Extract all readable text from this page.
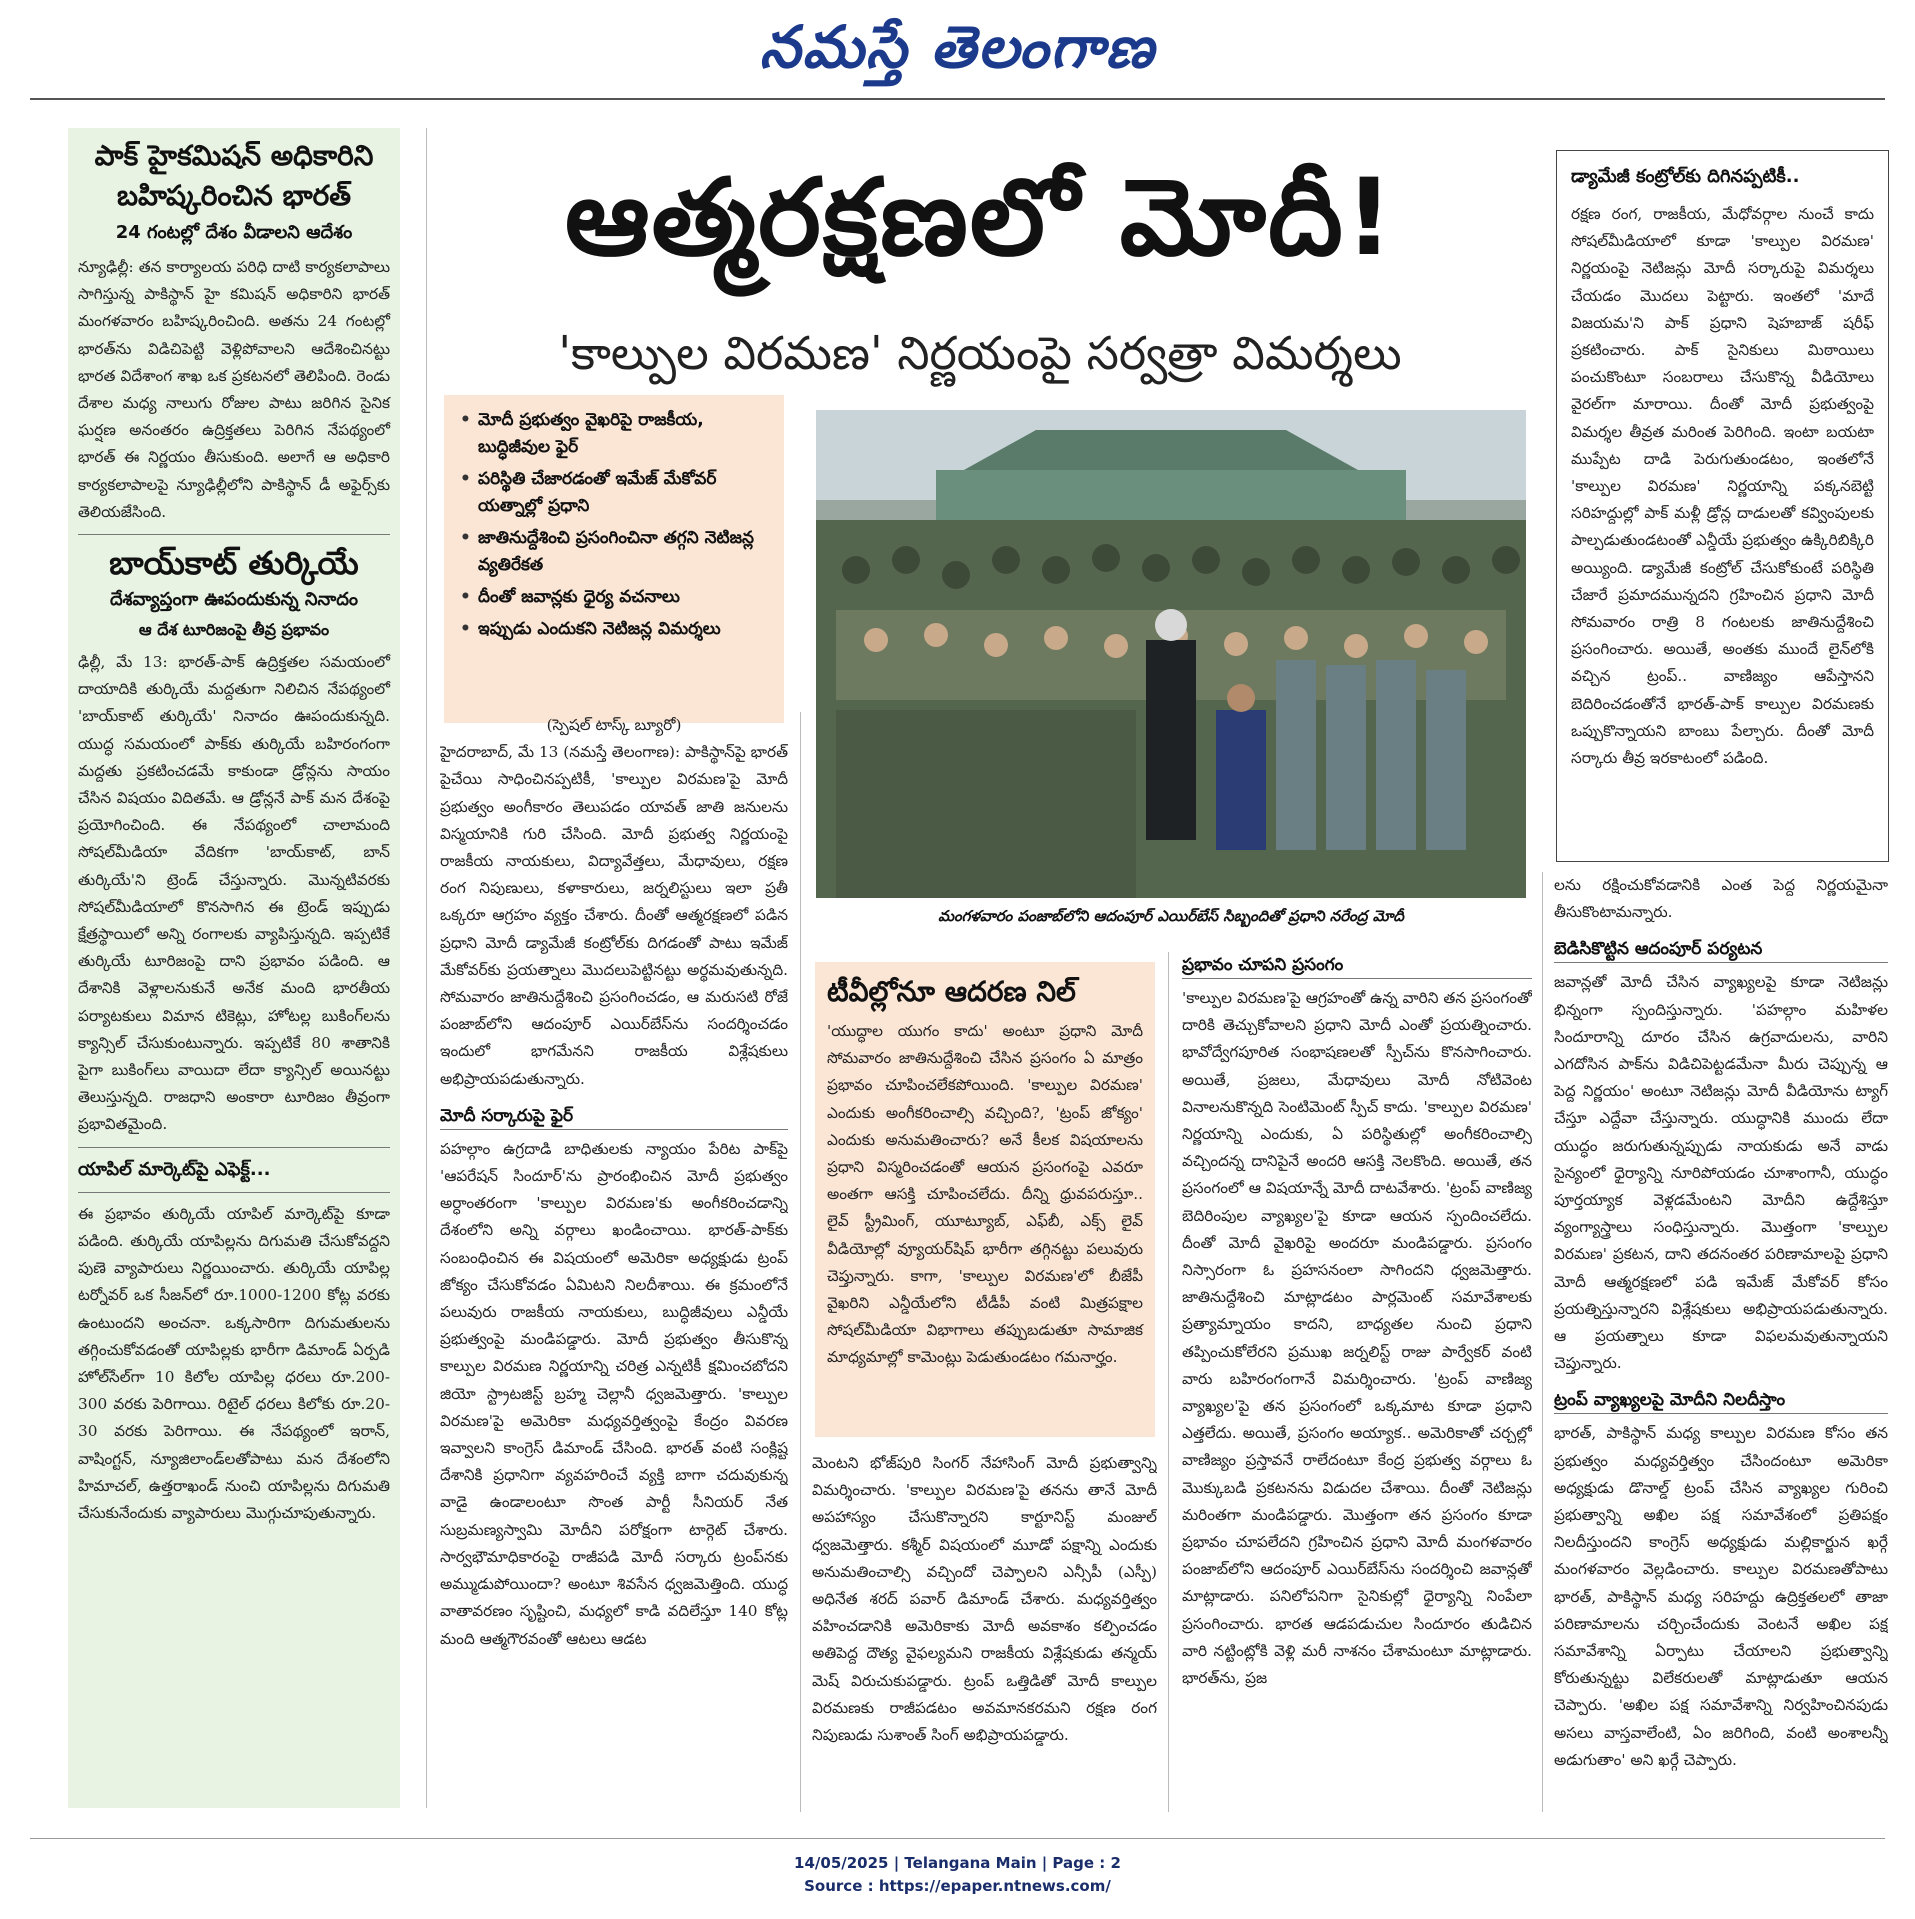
నమస్తే తెలంగాణ
పాక్ హైకమిషన్ అధికారిని
బహిష్కరించిన భారత్
24 గంటల్లో దేశం వీడాలని ఆదేశం
న్యూఢిల్లీ: తన కార్యాలయ పరిధి దాటి కార్యకలాపాలు సాగిస్తున్న పాకిస్థాన్ హై కమిషన్ అధికారిని భారత్ మంగళవారం బహిష్కరించింది. అతను 24 గంటల్లో భారత్‌ను విడిచిపెట్టి వెళ్లిపోవాలని ఆదేశించినట్టు భారత విదేశాంగ శాఖ ఒక ప్రకటనలో తెలిపింది. రెండు దేశాల మధ్య నాలుగు రోజుల పాటు జరిగిన సైనిక ఘర్షణ అనంతరం ఉద్రిక్తతలు పెరిగిన నేపథ్యంలో భారత్ ఈ నిర్ణయం తీసుకుంది. అలాగే ఆ అధికారి కార్యకలాపాలపై న్యూఢిల్లీలోని పాకిస్థాన్ డీ అఫైర్స్‌కు తెలియజేసింది.
బాయ్‌కాట్ తుర్కియే
దేశవ్యాప్తంగా ఊపందుకున్న నినాదం
ఆ దేశ టూరిజంపై తీవ్ర ప్రభావం
ఢిల్లీ, మే 13: భారత్-పాక్ ఉద్రిక్తతల సమయంలో దాయాదికి తుర్కియే మద్దతుగా నిలిచిన నేపథ్యంలో 'బాయ్‌కాట్ తుర్కియే' నినాదం ఊపందుకున్నది. యుద్ధ సమయంలో పాక్‌కు తుర్కియే బహిరంగంగా మద్దతు ప్రకటించడమే కాకుండా డ్రోన్లను సాయం చేసిన విషయం విదితమే. ఆ డ్రోన్లనే పాక్ మన దేశంపై ప్రయోగించింది. ఈ నేపథ్యంలో చాలామంది సోషల్‌మీడియా వేదికగా 'బాయ్‌కాట్, బాన్ తుర్కియే'ని ట్రెండ్ చేస్తున్నారు. మొన్నటివరకు సోషల్‌మీడియాలో కొనసాగిన ఈ ట్రెండ్ ఇప్పుడు క్షేత్రస్థాయిలో అన్ని రంగాలకు వ్యాపిస్తున్నది. ఇప్పటికే తుర్కియే టూరిజంపై దాని ప్రభావం పడింది. ఆ దేశానికి వెళ్లాలనుకునే అనేక మంది భారతీయ పర్యాటకులు విమాన టికెట్లు, హోటల్ల బుకింగ్‌లను క్యాన్సిల్ చేసుకుంటున్నారు. ఇప్పటికే 80 శాతానికి పైగా బుకింగ్‌లు వాయిదా లేదా క్యాన్సిల్ అయినట్టు తెలుస్తున్నది. రాజధాని అంకారా టూరిజం తీవ్రంగా ప్రభావితమైంది.
యాపిల్ మార్కెట్‌పై ఎఫెక్ట్...
ఈ ప్రభావం తుర్కియే యాపిల్ మార్కెట్‌పై కూడా పడింది. తుర్కియే యాపిల్లను దిగుమతి చేసుకోవద్దని పుణె వ్యాపారులు నిర్ణయించారు. తుర్కియే యాపిల్ల టర్నోవర్ ఒక సీజన్‌లో రూ.1000-1200 కోట్ల వరకు ఉంటుందని అంచనా. ఒక్కసారిగా దిగుమతులను తగ్గించుకోవడంతో యాపిల్లకు భారీగా డిమాండ్ ఏర్పడి హోల్‌సేల్‌గా 10 కిలోల యాపిల్ల ధరలు రూ.200-300 వరకు పెరిగాయి. రిటైల్ ధరలు కిలోకు రూ.20-30 వరకు పెరిగాయి. ఈ నేపథ్యంలో ఇరాన్, వాషింగ్టన్, న్యూజిలాండ్‌లతోపాటు మన దేశంలోని హిమాచల్, ఉత్తరాఖండ్ నుంచి యాపిల్లను దిగుమతి చేసుకునేందుకు వ్యాపారులు మొగ్గుచూపుతున్నారు.
ఆత్మరక్షణలో మోదీ!
'కాల్పుల విరమణ' నిర్ణయంపై సర్వత్రా విమర్శలు
• మోదీ ప్రభుత్వం వైఖరిపై రాజకీయ, బుద్ధిజీవుల ఫైర్
• పరిస్థితి చేజారడంతో ఇమేజ్ మేకోవర్ యత్నాల్లో ప్రధాని
• జాతినుద్దేశించి ప్రసంగించినా తగ్గని నెటిజన్ల వ్యతిరేకత
• దీంతో జవాన్లకు ధైర్య వచనాలు
• ఇప్పుడు ఎందుకని నెటిజన్ల విమర్శలు
(స్పెషల్ టాస్క్ బ్యూరో)
హైదరాబాద్, మే 13 (నమస్తే తెలంగాణ): పాకిస్థాన్‌పై భారత్ పైచేయి సాధించినప్పటికీ, 'కాల్పుల విరమణ'పై మోదీ ప్రభుత్వం అంగీకారం తెలుపడం యావత్ జాతి జనులను విస్మయానికి గురి చేసింది. మోదీ ప్రభుత్వ నిర్ణయంపై రాజకీయ నాయకులు, విద్యావేత్తలు, మేధావులు, రక్షణ రంగ నిపుణులు, కళాకారులు, జర్నలిస్టులు ఇలా ప్రతీ ఒక్కరూ ఆగ్రహం వ్యక్తం చేశారు. దీంతో ఆత్మరక్షణలో పడిన ప్రధాని మోదీ డ్యామేజీ కంట్రోల్‌కు దిగడంతో పాటు ఇమేజ్ మేకోవర్‌కు ప్రయత్నాలు మొదలుపెట్టినట్టు అర్థమవుతున్నది. సోమవారం జాతినుద్దేశించి ప్రసంగించడం, ఆ మరుసటి రోజే పంజాబ్‌లోని ఆదంపూర్ ఎయిర్‌బేస్‌ను సందర్శించడం ఇందులో భాగమేనని రాజకీయ విశ్లేషకులు అభిప్రాయపడుతున్నారు.
మోదీ సర్కారుపై ఫైర్
పహల్గాం ఉగ్రదాడి బాధితులకు న్యాయం పేరిట పాక్‌పై 'ఆపరేషన్ సిందూర్'ను ప్రారంభించిన మోదీ ప్రభుత్వం అర్ధాంతరంగా 'కాల్పుల విరమణ'కు అంగీకరించడాన్ని దేశంలోని అన్ని వర్గాలు ఖండించాయి. భారత్-పాక్‌కు సంబంధించిన ఈ విషయంలో అమెరికా అధ్యక్షుడు ట్రంప్ జోక్యం చేసుకోవడం ఏమిటని నిలదీశాయి. ఈ క్రమంలోనే పలువురు రాజకీయ నాయకులు, బుద్ధిజీవులు ఎన్డీయే ప్రభుత్వంపై మండిపడ్డారు. మోదీ ప్రభుత్వం తీసుకొన్న కాల్పుల విరమణ నిర్ణయాన్ని చరిత్ర ఎన్నటికీ క్షమించబోదని జియో స్ట్రాటజిస్ట్ బ్రహ్మ చెల్లానీ ధ్వజమెత్తారు. 'కాల్పుల విరమణ'పై అమెరికా మధ్యవర్తిత్వంపై కేంద్రం వివరణ ఇవ్వాలని కాంగ్రెస్ డిమాండ్ చేసింది. భారత్ వంటి సంక్లిష్ట దేశానికి ప్రధానిగా వ్యవహరించే వ్యక్తి బాగా చదువుకున్న వాడై ఉండాలంటూ సొంత పార్టీ సీనియర్ నేత సుబ్రమణ్యస్వామి మోదీని పరోక్షంగా టార్గెట్ చేశారు. సార్వభౌమాధికారంపై రాజీపడి మోదీ సర్కారు ట్రంప్‌నకు అమ్ముడుపోయిందా? అంటూ శివసేన ధ్వజమెత్తింది. యుద్ధ వాతావరణం సృష్టించి, మధ్యలో కాడి వదిలేస్తూ 140 కోట్ల మంది ఆత్మగౌరవంతో ఆటలు ఆడట
మంగళవారం పంజాబ్‌లోని ఆదంపూర్ ఎయిర్‌బేస్ సిబ్బందితో ప్రధాని నరేంద్ర మోదీ
టీవీల్లోనూ ఆదరణ నిల్
'యుద్ధాల యుగం కాదు' అంటూ ప్రధాని మోదీ సోమవారం జాతినుద్దేశించి చేసిన ప్రసంగం ఏ మాత్రం ప్రభావం చూపించలేకపోయింది. 'కాల్పుల విరమణ' ఎందుకు అంగీకరించాల్సి వచ్చింది?, 'ట్రంప్ జోక్యం' ఎందుకు అనుమతించారు? అనే కీలక విషయాలను ప్రధాని విస్మరించడంతో ఆయన ప్రసంగంపై ఎవరూ అంతగా ఆసక్తి చూపించలేదు. దీన్ని ధ్రువపరుస్తూ.. లైవ్ స్ట్రీమింగ్, యూట్యూబ్, ఎఫ్‌బీ, ఎక్స్ లైవ్ వీడియోల్లో వ్యూయర్‌షిప్ భారీగా తగ్గినట్టు పలువురు చెప్తున్నారు. కాగా, 'కాల్పుల విరమణ'లో బీజేపీ వైఖరిని ఎన్డీయేలోని టీడీపీ వంటి మిత్రపక్షాల సోషల్‌మీడియా విభాగాలు తప్పుబడుతూ సామాజిక మాధ్యమాల్లో కామెంట్లు పెడుతుండటం గమనార్హం.
మెంటని భోజ్‌పురి సింగర్ నేహాసింగ్ మోదీ ప్రభుత్వాన్ని విమర్శించారు. 'కాల్పుల విరమణ'పై తనను తానే మోదీ అపహాస్యం చేసుకొన్నారని కార్టూనిస్ట్ మంజుల్ ధ్వజమెత్తారు. కశ్మీర్ విషయంలో మూడో పక్షాన్ని ఎందుకు అనుమతించాల్సి వచ్చిందో చెప్పాలని ఎన్సీపీ (ఎస్పీ) అధినేత శరద్ పవార్ డిమాండ్ చేశారు. మధ్యవర్తిత్వం వహించడానికి అమెరికాకు మోదీ అవకాశం కల్పించడం అతిపెద్ద దౌత్య వైఫల్యమని రాజకీయ విశ్లేషకుడు తన్మయ్ మెష్ విరుచుకుపడ్డారు. ట్రంప్ ఒత్తిడితో మోదీ కాల్పుల విరమణకు రాజీపడటం అవమానకరమని రక్షణ రంగ నిపుణుడు సుశాంత్ సింగ్ అభిప్రాయపడ్డారు.
ప్రభావం చూపని ప్రసంగం
'కాల్పుల విరమణ'పై ఆగ్రహంతో ఉన్న వారిని తన ప్రసంగంతో దారికి తెచ్చుకోవాలని ప్రధాని మోదీ ఎంతో ప్రయత్నించారు. భావోద్వేగపూరిత సంభాషణలతో స్పీచ్‌ను కొనసాగించారు. అయితే, ప్రజలు, మేధావులు మోదీ నోటివెంట వినాలనుకొన్నది సెంటిమెంట్ స్పీచ్ కాదు. 'కాల్పుల విరమణ' నిర్ణయాన్ని ఎందుకు, ఏ పరిస్థితుల్లో అంగీకరించాల్సి వచ్చిందన్న దానిపైనే అందరి ఆసక్తి నెలకొంది. అయితే, తన ప్రసంగంలో ఆ విషయాన్నే మోదీ దాటవేశారు. 'ట్రంప్ వాణిజ్య బెదిరింపుల వ్యాఖ్యల'పై కూడా ఆయన స్పందించలేదు. దీంతో మోదీ వైఖరిపై అందరూ మండిపడ్డారు. ప్రసంగం నిస్సారంగా ఓ ప్రహసనంలా సాగిందని ధ్వజమెత్తారు. జాతినుద్దేశించి మాట్లాడటం పార్లమెంట్ సమావేశాలకు ప్రత్యామ్నాయం కాదని, బాధ్యతల నుంచి ప్రధాని తప్పించుకోలేరని ప్రముఖ జర్నలిస్ట్ రాజు పార్వేకర్ వంటి వారు బహిరంగంగానే విమర్శించారు. 'ట్రంప్ వాణిజ్య వ్యాఖ్యల'పై తన ప్రసంగంలో ఒక్కమాట కూడా ప్రధాని ఎత్తలేదు. అయితే, ప్రసంగం అయ్యాక.. అమెరికాతో చర్చల్లో వాణిజ్యం ప్రస్తావనే రాలేదంటూ కేంద్ర ప్రభుత్వ వర్గాలు ఓ మొక్కుబడి ప్రకటనను విడుదల చేశాయి. దీంతో నెటిజన్లు మరింతగా మండిపడ్డారు. మొత్తంగా తన ప్రసంగం కూడా ప్రభావం చూపలేదని గ్రహించిన ప్రధాని మోదీ మంగళవారం పంజాబ్‌లోని ఆదంపూర్ ఎయిర్‌బేస్‌ను సందర్శించి జవాన్లతో మాట్లాడారు. పనిలోపనిగా సైనికుల్లో ధైర్యాన్ని నింపేలా ప్రసంగించారు. భారత ఆడపడుచుల సిందూరం తుడిచిన వారి నట్టింట్లోకి వెళ్లి మరీ నాశనం చేశామంటూ మాట్లాడారు. భారత్‌ను, ప్రజ
డ్యామేజీ కంట్రోల్‌కు దిగినప్పటికీ..
రక్షణ రంగ, రాజకీయ, మేధోవర్గాల నుంచే కాదు సోషల్‌మీడియాలో కూడా 'కాల్పుల విరమణ' నిర్ణయంపై నెటిజన్లు మోదీ సర్కారుపై విమర్శలు చేయడం మొదలు పెట్టారు. ఇంతలో 'మాదే విజయమ'ని పాక్ ప్రధాని షెహబాజ్ షరీఫ్ ప్రకటించారు. పాక్ సైనికులు మిఠాయిలు పంచుకొంటూ సంబరాలు చేసుకొన్న వీడియోలు వైరల్‌గా మారాయి. దీంతో మోదీ ప్రభుత్వంపై విమర్శల తీవ్రత మరింత పెరిగింది. ఇంటా బయటా ముప్పేట దాడి పెరుగుతుండటం, ఇంతలోనే 'కాల్పుల విరమణ' నిర్ణయాన్ని పక్కనబెట్టి సరిహద్దుల్లో పాక్ మళ్లీ డ్రోన్ల దాడులతో కవ్వింపులకు పాల్పడుతుండటంతో ఎన్డీయే ప్రభుత్వం ఉక్కిరిబిక్కిరి అయ్యింది. డ్యామేజీ కంట్రోల్ చేసుకోకుంటే పరిస్థితి చేజారే ప్రమాదమున్నదని గ్రహించిన ప్రధాని మోదీ సోమవారం రాత్రి 8 గంటలకు జాతినుద్దేశించి ప్రసంగించారు. అయితే, అంతకు ముందే లైన్‌లోకి వచ్చిన ట్రంప్.. వాణిజ్యం ఆపేస్తానని బెదిరించడంతోనే భారత్-పాక్ కాల్పుల విరమణకు ఒప్పుకొన్నాయని బాంబు పేల్చారు. దీంతో మోదీ సర్కారు తీవ్ర ఇరకాటంలో పడింది.
లను రక్షించుకోవడానికి ఎంత పెద్ద నిర్ణయమైనా తీసుకొంటామన్నారు.
బెడిసికొట్టిన ఆదంపూర్ పర్యటన
జవాన్లతో మోదీ చేసిన వ్యాఖ్యలపై కూడా నెటిజన్లు భిన్నంగా స్పందిస్తున్నారు. 'పహల్గాం మహిళల సిందూరాన్ని దూరం చేసిన ఉగ్రవాదులను, వారిని ఎగదోసిన పాక్‌ను విడిచిపెట్టడమేనా మీరు చెప్పున్న ఆ పెద్ద నిర్ణయం' అంటూ నెటిజన్లు మోదీ వీడియోను ట్యాగ్ చేస్తూ ఎద్దేవా చేస్తున్నారు. యుద్ధానికి ముందు లేదా యుద్ధం జరుగుతున్నప్పుడు నాయకుడు అనే వాడు సైన్యంలో ధైర్యాన్ని నూరిపోయడం చూశాంగానీ, యుద్ధం పూర్తయ్యాక వెళ్లడమేంటని మోదీని ఉద్దేశిస్తూ వ్యంగ్యాస్త్రాలు సంధిస్తున్నారు. మొత్తంగా 'కాల్పుల విరమణ' ప్రకటన, దాని తదనంతర పరిణామాలపై ప్రధాని మోదీ ఆత్మరక్షణలో పడి ఇమేజ్ మేకోవర్ కోసం ప్రయత్నిస్తున్నారని విశ్లేషకులు అభిప్రాయపడుతున్నారు. ఆ ప్రయత్నాలు కూడా విఫలమవుతున్నాయని చెప్తున్నారు.
ట్రంప్ వ్యాఖ్యలపై మోదీని నిలదీస్తాం
భారత్, పాకిస్థాన్ మధ్య కాల్పుల విరమణ కోసం తన ప్రభుత్వం మధ్యవర్తిత్వం చేసిందంటూ అమెరికా అధ్యక్షుడు డొనాల్డ్ ట్రంప్ చేసిన వ్యాఖ్యల గురించి ప్రభుత్వాన్ని అఖిల పక్ష సమావేశంలో ప్రతిపక్షం నిలదీస్తుందని కాంగ్రెస్ అధ్యక్షుడు మల్లికార్జున ఖర్గే మంగళవారం వెల్లడించారు. కాల్పుల విరమణతోపాటు భారత్, పాకిస్థాన్ మధ్య సరిహద్దు ఉద్రిక్తతలలో తాజా పరిణామాలను చర్చించేందుకు వెంటనే అఖిల పక్ష సమావేశాన్ని ఏర్పాటు చేయాలని ప్రభుత్వాన్ని కోరుతున్నట్టు విలేకరులతో మాట్లాడుతూ ఆయన చెప్పారు. 'అఖిల పక్ష సమావేశాన్ని నిర్వహించినపుడు అసలు వాస్తవాలేంటి, ఏం జరిగింది, వంటి అంశాలన్నీ అడుగుతాం' అని ఖర్గే చెప్పారు.
14/05/2025 | Telangana Main | Page : 2
Source : https://epaper.ntnews.com/
